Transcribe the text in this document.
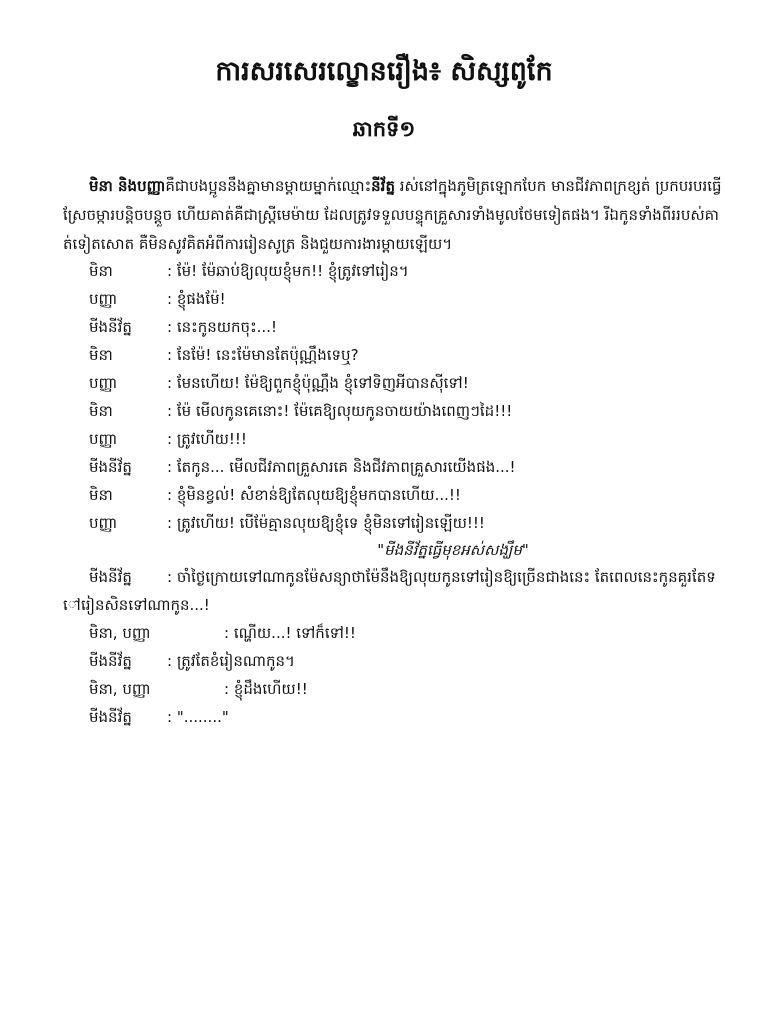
ការសរសេរល្ខោនរឿង៖ សិស្សពូកែ
ឆាកទី១

មិនា និងបញ្ញាគឺជាបងប្អូននឹងគ្នាមានម្ដាយម្នាក់ឈ្មោះនីវ័ត្ន រស់នៅក្នុងភូមិត្រឡោកបែក មានជីវភាពក្រខ្សត់ ប្រកបរបរធ្វើស្រែចម្ការបន្តិចបន្តួច ហើយគាត់គឺជាស្ត្រីមេម៉ាយ ដែលត្រូវទទួលបន្ទុកគ្រួសារទាំងមូលថែមទៀតផង។ រីឯកូនទាំងពីររបស់គាត់ទៀតសោត គឺមិនសូវគិតអំពីការរៀនសូត្រ និងជួយការងារម្ដាយឡើយ។

មិនា	: ម៉ែ! ម៉ែឆាប់ឱ្យលុយខ្ញុំមក!! ខ្ញុំត្រូវទៅរៀន។
បញ្ញា	: ខ្ញុំផងម៉ែ!
មីងនីវ័ត្ន	: នេះកូនយកចុះ...!
មិនា	: នែម៉ែ! នេះម៉ែមានតែប៉ុណ្ណឹងទេឬ?
បញ្ញា	: មែនហើយ! ម៉ែឱ្យពួកខ្ញុំប៉ុណ្ណឹង ខ្ញុំទៅទិញអីបានស៊ីទៅ!
មិនា	: ម៉ែ មើលកូនគេនោះ! ម៉ែគេឱ្យលុយកូនចាយយ៉ាងពេញៗដៃ!!!
បញ្ញា	: ត្រូវហើយ!!!
មីងនីវ័ត្ន	: តែកូន... មើលជីវភាពគ្រួសារគេ និងជីវភាពគ្រួសារយើងផង...!
មិនា	: ខ្ញុំមិនខ្វល់! សំខាន់ឱ្យតែលុយឱ្យខ្ញុំមកបានហើយ...!!
បញ្ញា	: ត្រូវហើយ! បើម៉ែគ្មានលុយឱ្យខ្ញុំទេ ខ្ញុំមិនទៅរៀនឡើយ!!!

"មីងនីវ័ត្នធ្វើមុខអស់សង្ឃឹម"

មីងនីវ័ត្ន : ចាំថ្ងៃក្រោយទៅណាកូនម៉ែសន្យាថាម៉ែនឹងឱ្យលុយកូនទៅរៀនឱ្យច្រើនជាងនេះ តែពេលនេះកូនគួរតែទៅរៀនសិនទៅណាកូន...!

មិនា, បញ្ញា	: ណ្ហើយ...! ទៅក៏ទៅ!!
មីងនីវ័ត្ន	: ត្រូវតែខំរៀនណាកូន។
មិនា, បញ្ញា	: ខ្ញុំដឹងហើយ!!
មីងនីវ័ត្ន	: "........"
